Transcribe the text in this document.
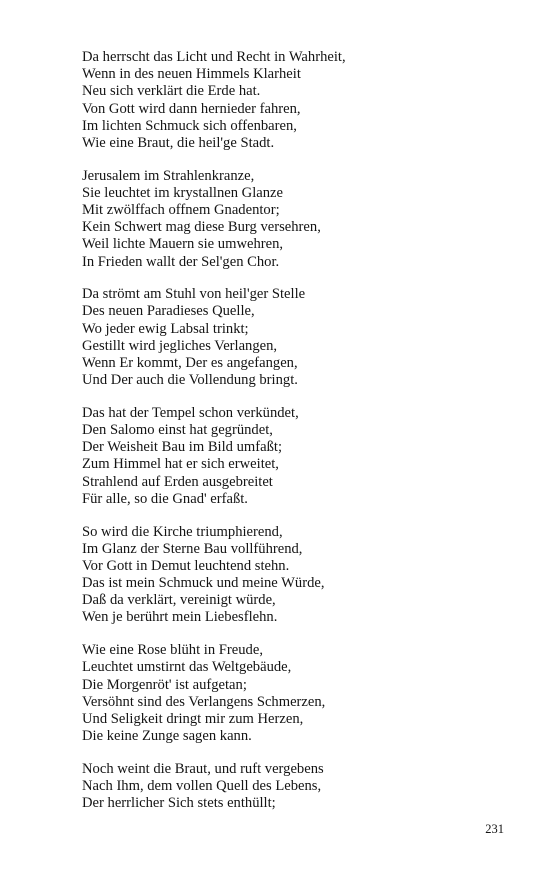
Da herrscht das Licht und Recht in Wahrheit,
Wenn in des neuen Himmels Klarheit
Neu sich verklärt die Erde hat.
Von Gott wird dann hernieder fahren,
Im lichten Schmuck sich offenbaren,
Wie eine Braut, die heil'ge Stadt.
Jerusalem im Strahlenkranze,
Sie leuchtet im krystallnen Glanze
Mit zwölffach offnem Gnadentor;
Kein Schwert mag diese Burg versehren,
Weil lichte Mauern sie umwehren,
In Frieden wallt der Sel'gen Chor.
Da strömt am Stuhl von heil'ger Stelle
Des neuen Paradieses Quelle,
Wo jeder ewig Labsal trinkt;
Gestillt wird jegliches Verlangen,
Wenn Er kommt, Der es angefangen,
Und Der auch die Vollendung bringt.
Das hat der Tempel schon verkündet,
Den Salomo einst hat gegründet,
Der Weisheit Bau im Bild umfaßt;
Zum Himmel hat er sich erweitet,
Strahlend auf Erden ausgebreitet
Für alle, so die Gnad' erfaßt.
So wird die Kirche triumphierend,
Im Glanz der Sterne Bau vollführend,
Vor Gott in Demut leuchtend stehn.
Das ist mein Schmuck und meine Würde,
Daß da verklärt, vereinigt würde,
Wen je berührt mein Liebesflehn.
Wie eine Rose blüht in Freude,
Leuchtet umstirnt das Weltgebäude,
Die Morgenröt' ist aufgetan;
Versöhnt sind des Verlangens Schmerzen,
Und Seligkeit dringt mir zum Herzen,
Die keine Zunge sagen kann.
Noch weint die Braut, und ruft vergebens
Nach Ihm, dem vollen Quell des Lebens,
Der herrlicher Sich stets enthüllt;
231
